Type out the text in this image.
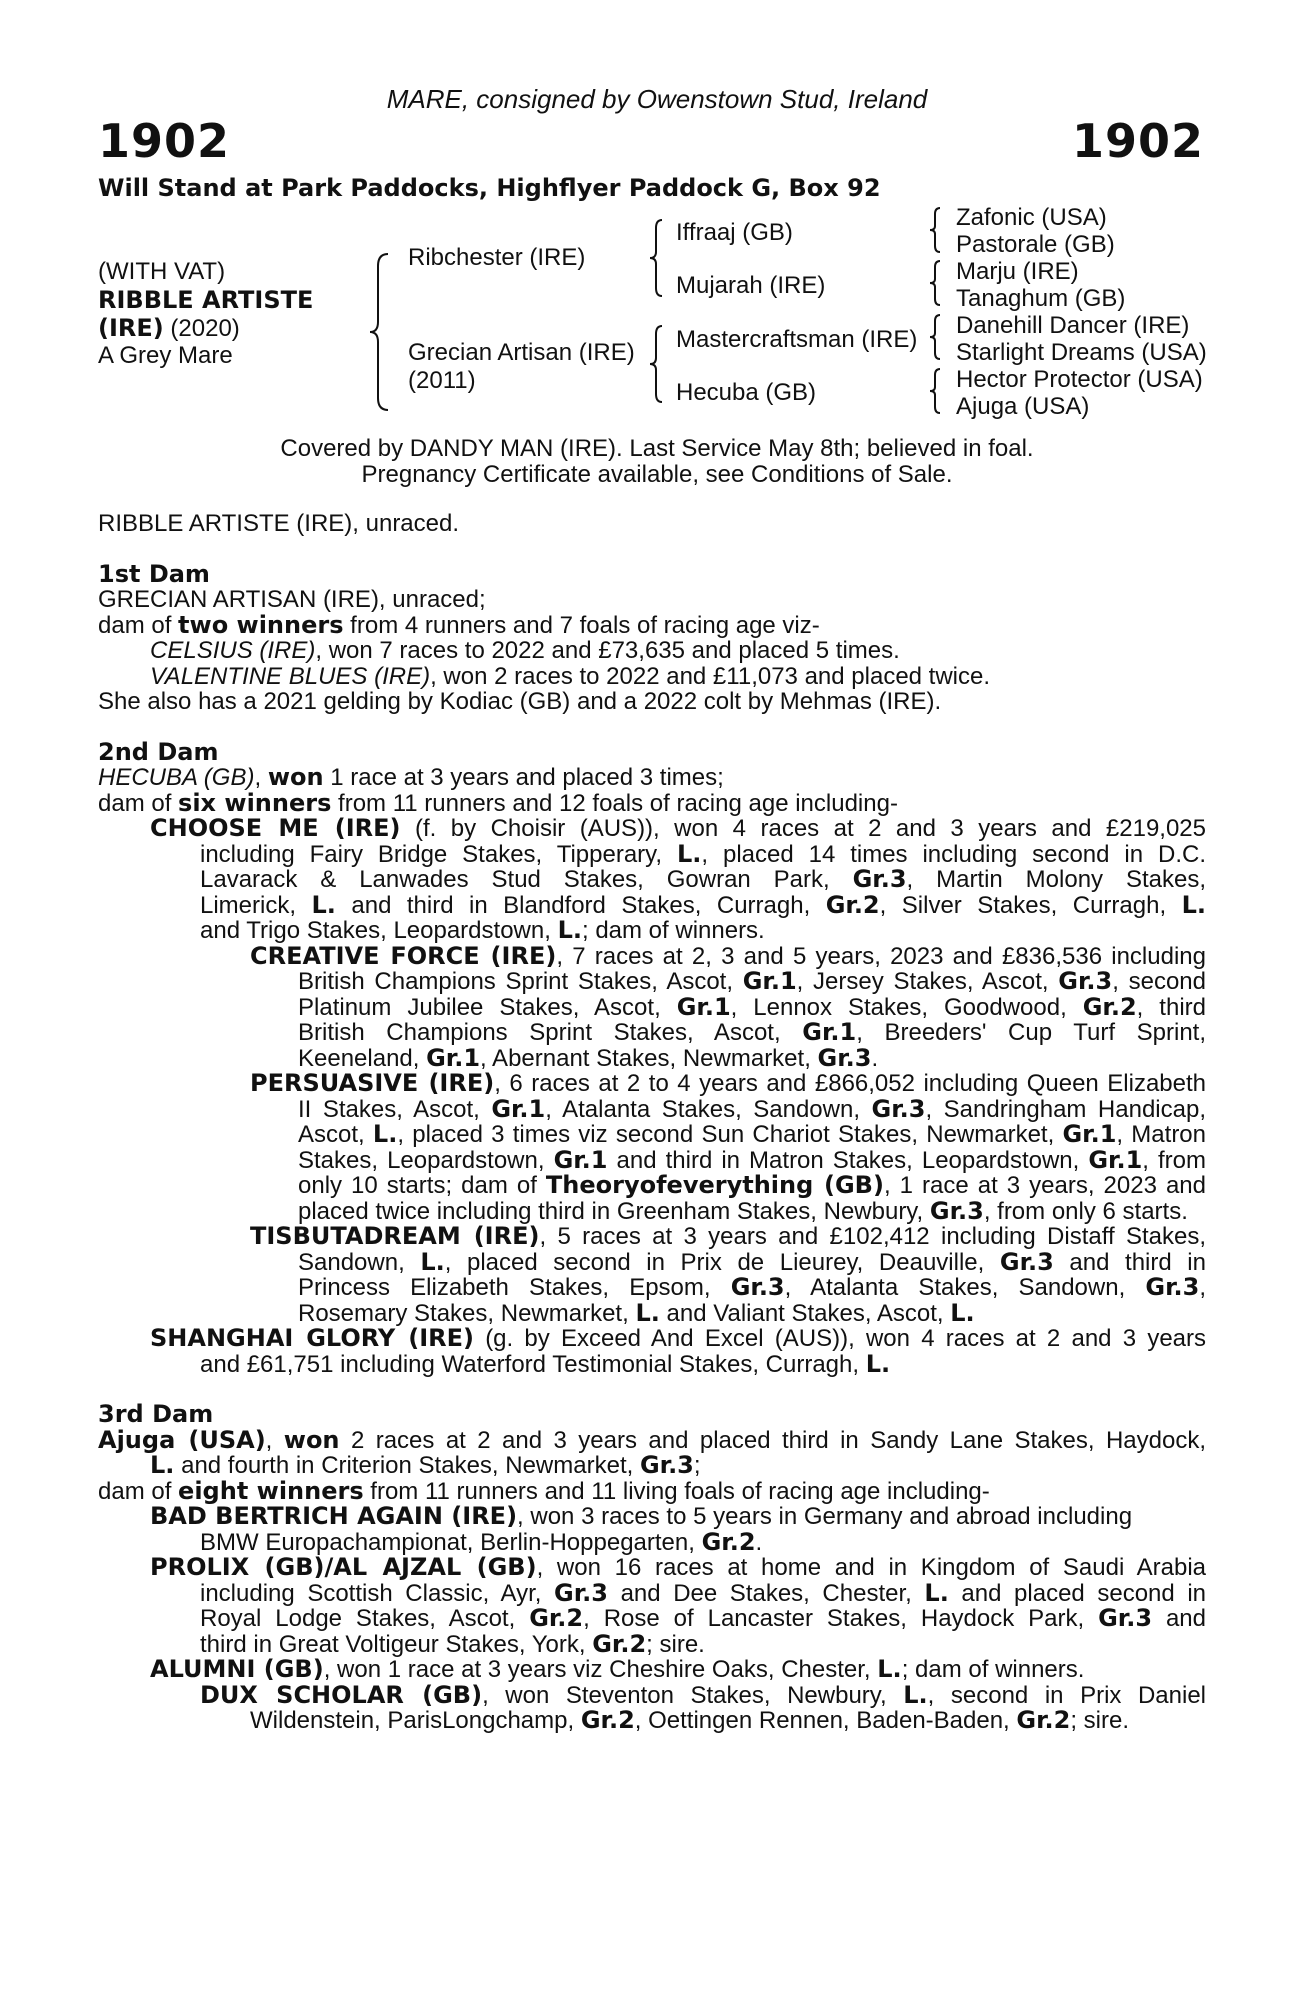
MARE, consigned by Owenstown Stud, Ireland
1902	1902
Will Stand at Park Paddocks, Highflyer Paddock G, Box 92
(WITH VAT)
RIBBLE ARTISTE
(IRE) (2020)
A Grey Mare
Ribchester (IRE)
Grecian Artisan (IRE)
(2011)
Iffraaj (GB)
Mujarah (IRE)
Mastercraftsman (IRE)
Hecuba (GB)
Zafonic (USA)
Pastorale (GB)
Marju (IRE)
Tanaghum (GB)
Danehill Dancer (IRE)
Starlight Dreams (USA)
Hector Protector (USA)
Ajuga (USA)
Covered by DANDY MAN (IRE). Last Service May 8th; believed in foal.
Pregnancy Certificate available, see Conditions of Sale.

RIBBLE ARTISTE (IRE), unraced.

1st Dam

GRECIAN ARTISAN (IRE), unraced;

dam of two winners from 4 runners and 7 foals of racing age viz-

CELSIUS (IRE), won 7 races to 2022 and £73,635 and placed 5 times.

VALENTINE BLUES (IRE), won 2 races to 2022 and £11,073 and placed twice.

She also has a 2021 gelding by Kodiac (GB) and a 2022 colt by Mehmas (IRE).

2nd Dam

HECUBA (GB), won 1 race at 3 years and placed 3 times;

dam of six winners from 11 runners and 12 foals of racing age including-

CHOOSE ME (IRE) (f. by Choisir (AUS)), won 4 races at 2 and 3 years and £219,025

including Fairy Bridge Stakes, Tipperary, L., placed 14 times including second in D.C.

Lavarack & Lanwades Stud Stakes, Gowran Park, Gr.3, Martin Molony Stakes,

Limerick, L. and third in Blandford Stakes, Curragh, Gr.2, Silver Stakes, Curragh, L.

and Trigo Stakes, Leopardstown, L.; dam of winners.

CREATIVE FORCE (IRE), 7 races at 2, 3 and 5 years, 2023 and £836,536 including

British Champions Sprint Stakes, Ascot, Gr.1, Jersey Stakes, Ascot, Gr.3, second

Platinum Jubilee Stakes, Ascot, Gr.1, Lennox Stakes, Goodwood, Gr.2, third

British Champions Sprint Stakes, Ascot, Gr.1, Breeders' Cup Turf Sprint,

Keeneland, Gr.1, Abernant Stakes, Newmarket, Gr.3.

PERSUASIVE (IRE), 6 races at 2 to 4 years and £866,052 including Queen Elizabeth

II Stakes, Ascot, Gr.1, Atalanta Stakes, Sandown, Gr.3, Sandringham Handicap,

Ascot, L., placed 3 times viz second Sun Chariot Stakes, Newmarket, Gr.1, Matron

Stakes, Leopardstown, Gr.1 and third in Matron Stakes, Leopardstown, Gr.1, from

only 10 starts; dam of Theoryofeverything (GB), 1 race at 3 years, 2023 and

placed twice including third in Greenham Stakes, Newbury, Gr.3, from only 6 starts.

TISBUTADREAM (IRE), 5 races at 3 years and £102,412 including Distaff Stakes,

Sandown, L., placed second in Prix de Lieurey, Deauville, Gr.3 and third in

Princess Elizabeth Stakes, Epsom, Gr.3, Atalanta Stakes, Sandown, Gr.3,

Rosemary Stakes, Newmarket, L. and Valiant Stakes, Ascot, L.

SHANGHAI GLORY (IRE) (g. by Exceed And Excel (AUS)), won 4 races at 2 and 3 years

and £61,751 including Waterford Testimonial Stakes, Curragh, L.

3rd Dam

Ajuga (USA), won 2 races at 2 and 3 years and placed third in Sandy Lane Stakes, Haydock,

L. and fourth in Criterion Stakes, Newmarket, Gr.3;

dam of eight winners from 11 runners and 11 living foals of racing age including-

BAD BERTRICH AGAIN (IRE), won 3 races to 5 years in Germany and abroad including

BMW Europachampionat, Berlin-Hoppegarten, Gr.2.

PROLIX (GB)/AL AJZAL (GB), won 16 races at home and in Kingdom of Saudi Arabia

including Scottish Classic, Ayr, Gr.3 and Dee Stakes, Chester, L. and placed second in

Royal Lodge Stakes, Ascot, Gr.2, Rose of Lancaster Stakes, Haydock Park, Gr.3 and

third in Great Voltigeur Stakes, York, Gr.2; sire.

ALUMNI (GB), won 1 race at 3 years viz Cheshire Oaks, Chester, L.; dam of winners.

DUX SCHOLAR (GB), won Steventon Stakes, Newbury, L., second in Prix Daniel

Wildenstein, ParisLongchamp, Gr.2, Oettingen Rennen, Baden-Baden, Gr.2; sire.
